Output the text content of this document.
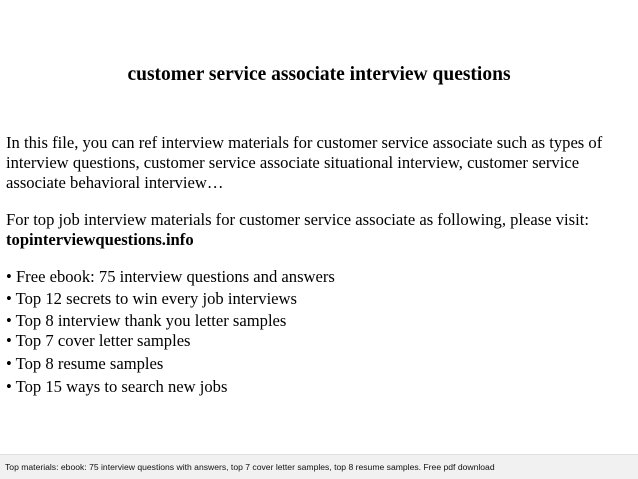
customer service associate interview questions

In this file, you can ref interview materials for customer service associate such as types of interview questions, customer service associate situational interview, customer service associate behavioral interview…

For top job interview materials for customer service associate as following, please visit:
topinterviewquestions.info

• Free ebook: 75 interview questions and answers
• Top 12 secrets to win every job interviews
• Top 8 interview thank you letter samples
• Top 7 cover letter samples
• Top 8 resume samples
• Top 15 ways to search new jobs
Top materials: ebook: 75 interview questions with answers, top 7 cover letter samples, top 8 resume samples. Free pdf download
